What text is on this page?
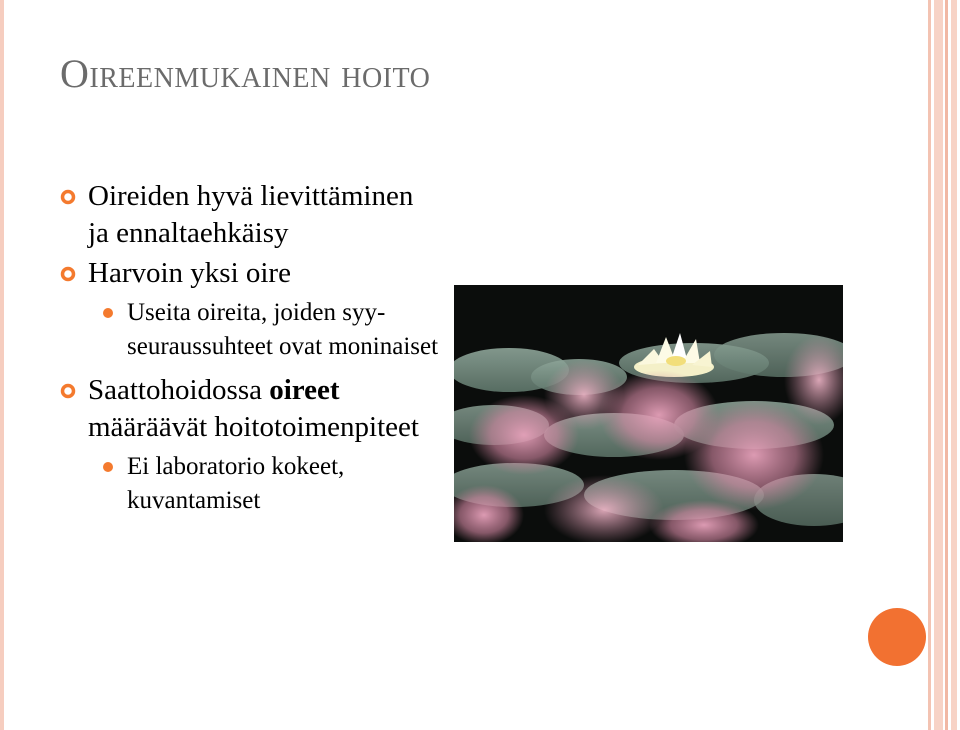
Oireenmukainen hoito
Oireiden hyvä lievittäminen ja ennaltaehkäisy
Harvoin yksi oire
Useita oireita, joiden syy-seuraussuhteet ovat moninaiset
Saattohoidossa oireet määräävät hoitotoimenpiteet
Ei laboratorio kokeet, kuvantamiset
